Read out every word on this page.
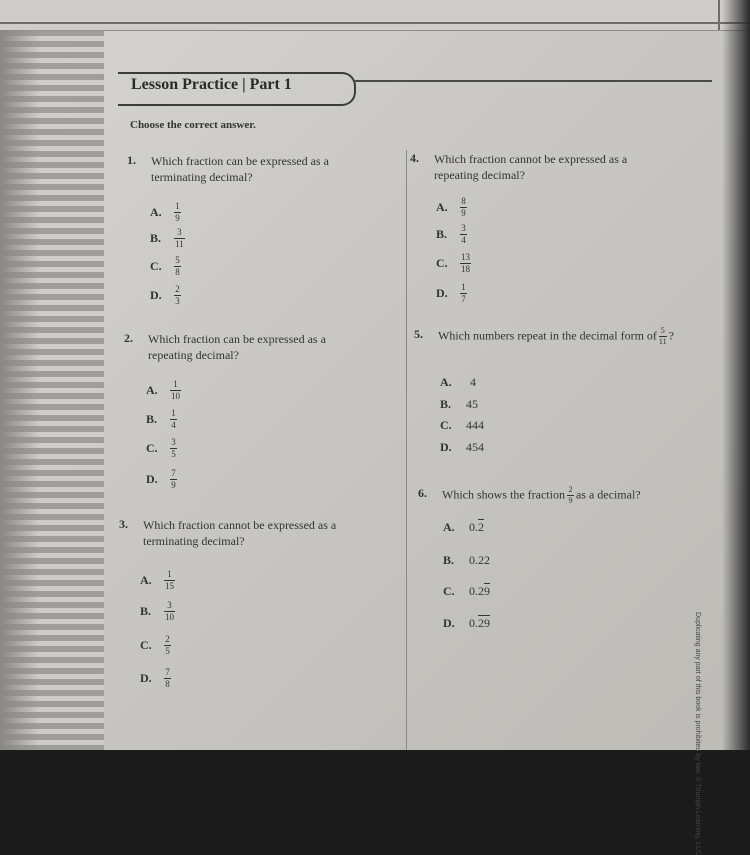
Lesson Practice | Part 1
Choose the correct answer.
1. Which fraction can be expressed as a terminating decimal?
A.	$\frac{1}{9}$
B.	$\frac{3}{11}$
C.	$\frac{5}{8}$
D.	$\frac{2}{3}$
2. Which fraction can be expressed as a repeating decimal?
A.	$\frac{1}{10}$
B.	$\frac{1}{4}$
C.	$\frac{3}{5}$
D.	$\frac{7}{9}$
3. Which fraction cannot be expressed as a terminating decimal?
A.	$\frac{1}{15}$
B.	$\frac{3}{10}$
C.	$\frac{2}{5}$
D.	$\frac{7}{8}$
4. Which fraction cannot be expressed as a repeating decimal?
A.	$\frac{8}{9}$
B.	$\frac{3}{4}$
C.	$\frac{13}{18}$
D.	$\frac{1}{7}$
5. Which numbers repeat in the decimal form of $\frac{5}{11}$ ?
A.	4
B.	45
C.	444
D.	454
6. Which shows the fraction $\frac{2}{9}$ as a decimal?
A.	0.2
B.	0.22
C.	0.29
D.	0.29	Duplicating any part of this book is prohibited by law. © Triumph Learning, LLC
